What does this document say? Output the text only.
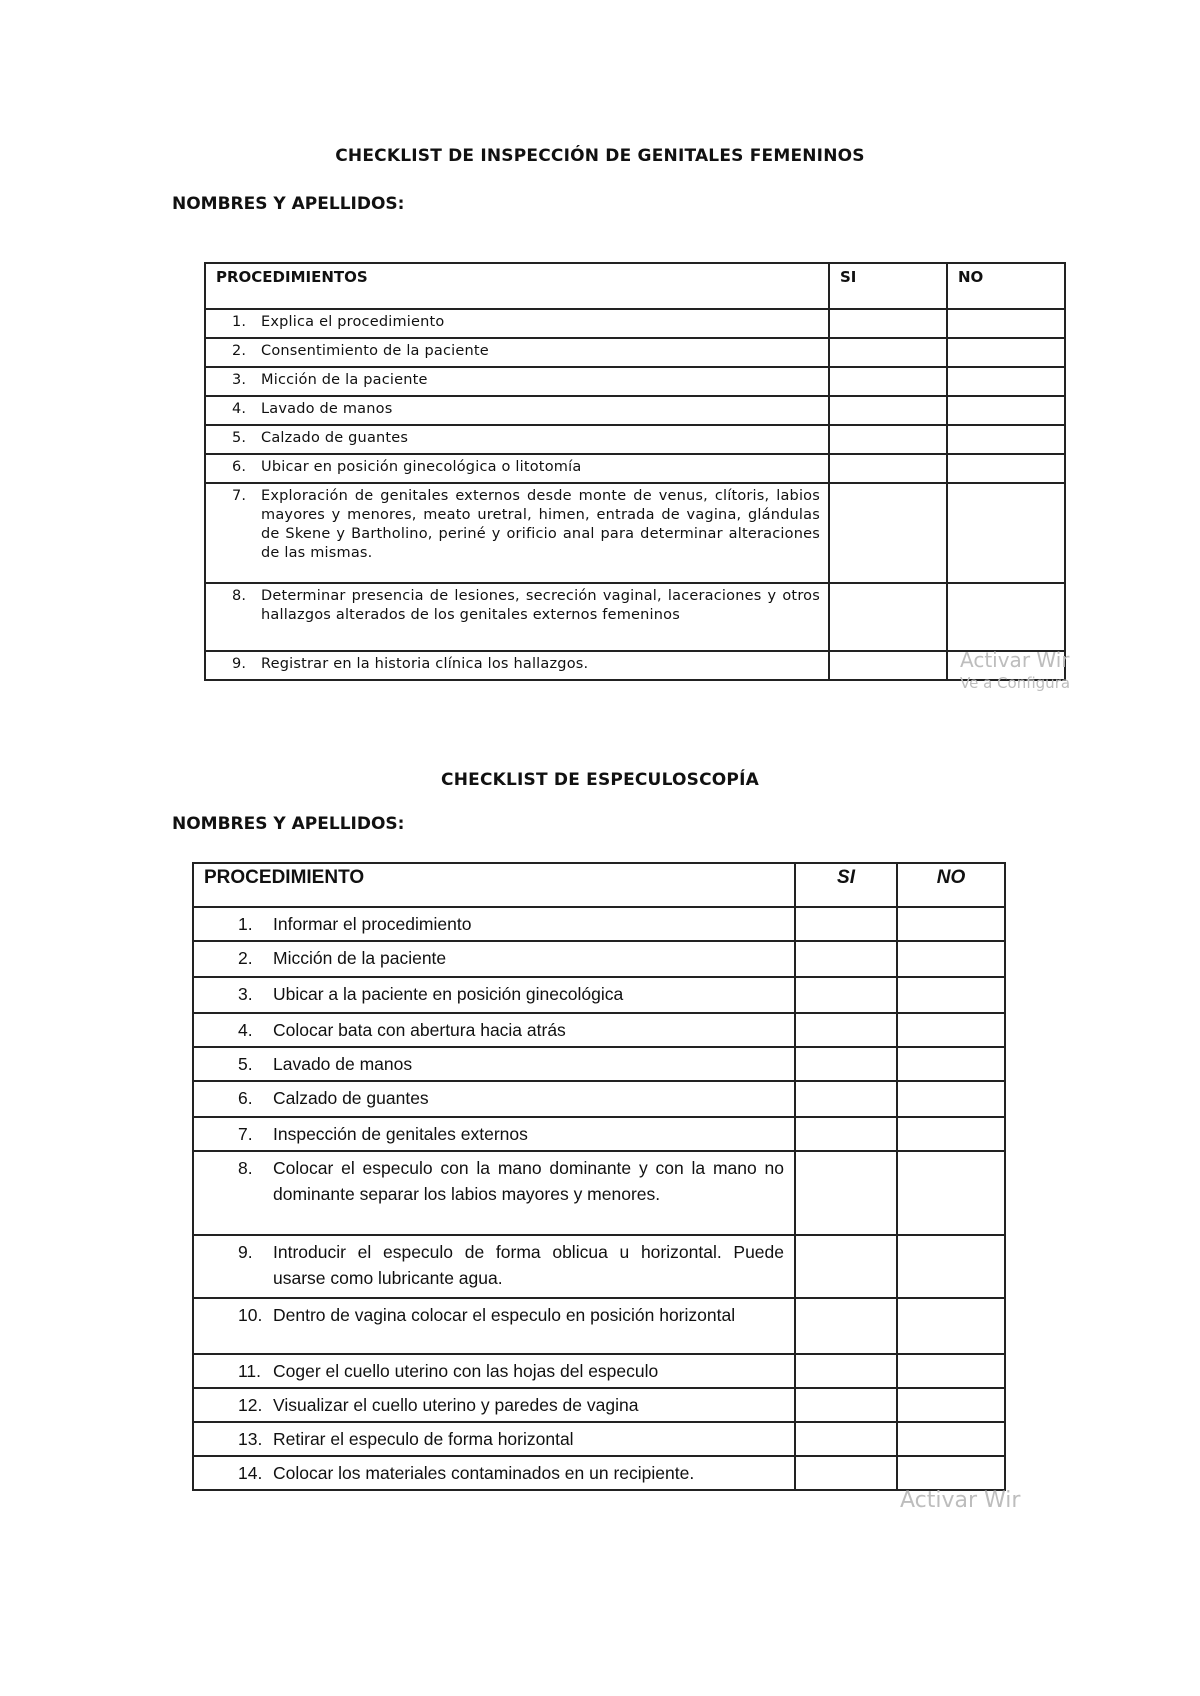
CHECKLIST DE INSPECCIÓN DE GENITALES FEMENINOS
NOMBRES Y APELLIDOS:
PROCEDIMIENTOS	SI	NO

1. Explica el procedimiento		

2. Consentimiento de la paciente		

3. Micción de la paciente		

4. Lavado de manos		

5. Calzado de guantes		

6. Ubicar en posición ginecológica o litotomía		

7. Exploración de genitales externos desde monte de venus, clítoris, labios mayores y menores, meato uretral, himen, entrada de vagina, glándulas de Skene y Bartholino, periné y orificio anal para determinar alteraciones de las mismas.		

8. Determinar presencia de lesiones, secreción vaginal, laceraciones y otros hallazgos alterados de los genitales externos femeninos		

9. Registrar en la historia clínica los hallazgos.		
			Activar Wir
Ve a Configura
CHECKLIST DE ESPECULOSCOPÍA
NOMBRES Y APELLIDOS:
PROCEDIMIENTO	SI	NO

1. Informar el procedimiento		

2. Micción de la paciente		

3. Ubicar a la paciente en posición ginecológica		

4. Colocar bata con abertura hacia atrás		

5. Lavado de manos		

6. Calzado de guantes		

7. Inspección de genitales externos		

8. Colocar el especulo con la mano dominante y con la mano no dominante separar los labios mayores y menores.		

9. Introducir el especulo de forma oblicua u horizontal. Puede usarse como lubricante agua.		

10. Dentro de vagina colocar el especulo en posición horizontal		

11. Coger el cuello uterino con las hojas del especulo		

12. Visualizar el cuello uterino y paredes de vagina		

13. Retirar el especulo de forma horizontal		

14. Colocar los materiales contaminados en un recipiente.		

Activar Wir
